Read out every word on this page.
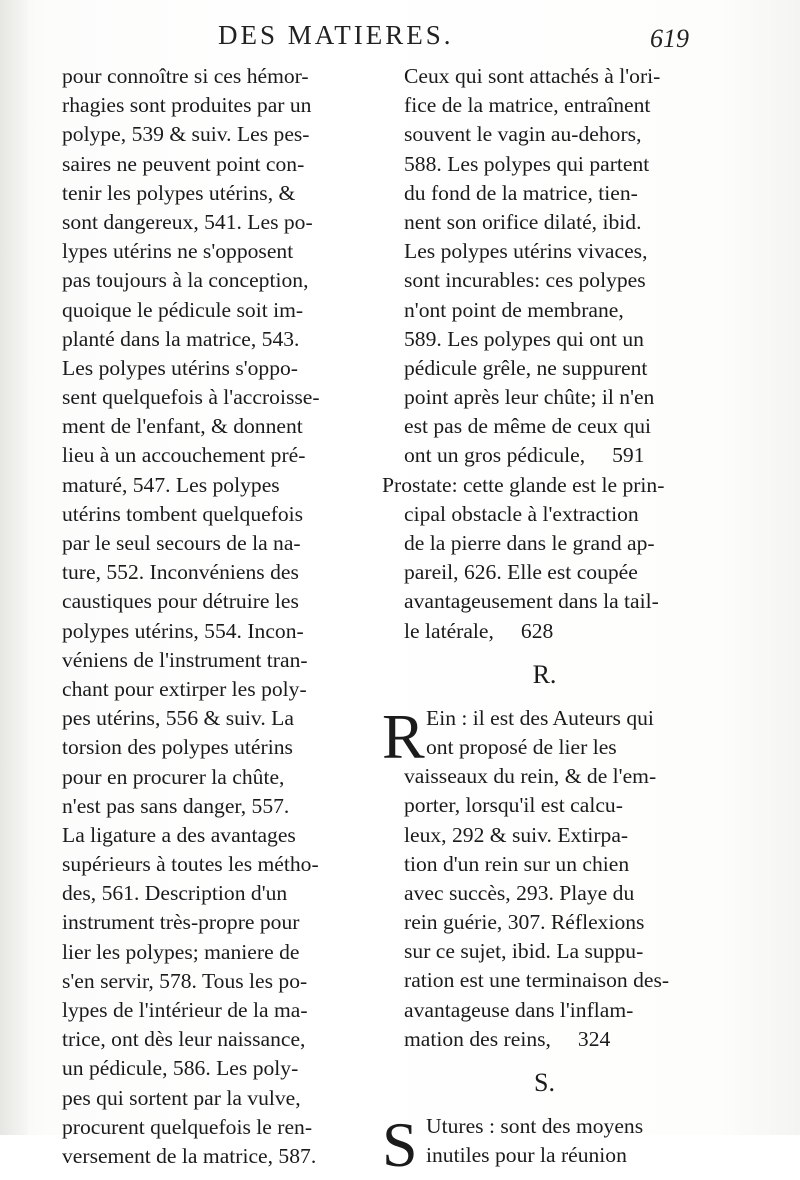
DES MATIERES.	619
pour connoître si ces hémor-
rhagies sont produites par un
polype, 539 & suiv. Les pes-
saires ne peuvent point con-
tenir les polypes utérins, &
sont dangereux, 541. Les po-
lypes utérins ne s'opposent
pas toujours à la conception,
quoique le pédicule soit im-
planté dans la matrice, 543.
Les polypes utérins s'oppo-
sent quelquefois à l'accroisse-
ment de l'enfant, & donnent
lieu à un accouchement pré-
maturé, 547. Les polypes
utérins tombent quelquefois
par le seul secours de la na-
ture, 552. Inconvéniens des
caustiques pour détruire les
polypes utérins, 554. Incon-
véniens de l'instrument tran-
chant pour extirper les poly-
pes utérins, 556 & suiv. La
torsion des polypes utérins
pour en procurer la chûte,
n'est pas sans danger, 557.
La ligature a des avantages
supérieurs à toutes les métho-
des, 561. Description d'un
instrument très-propre pour
lier les polypes; maniere de
s'en servir, 578. Tous les po-
lypes de l'intérieur de la ma-
trice, ont dès leur naissance,
un pédicule, 586. Les poly-
pes qui sortent par la vulve,
procurent quelquefois le ren-
versement de la matrice, 587.
Ceux qui sont attachés à l'ori-
fice de la matrice, entraînent
souvent le vagin au-dehors,
588. Les polypes qui partent
du fond de la matrice, tien-
nent son orifice dilaté, ibid.
Les polypes utérins vivaces,
sont incurables: ces polypes
n'ont point de membrane,
589. Les polypes qui ont un
pédicule grêle, ne suppurent
point après leur chûte; il n'en
est pas de même de ceux qui
ont un gros pédicule,     591
Prostate: cette glande est le prin-
cipal obstacle à l'extraction
de la pierre dans le grand ap-
pareil, 626. Elle est coupée
avantageusement dans la tail-
le latérale,     628
R.
R Ein : il est des Auteurs qui
ont proposé de lier les
vaisseaux du rein, & de l'em-
porter, lorsqu'il est calcu-
leux, 292 & suiv. Extirpa-
tion d'un rein sur un chien
avec succès, 293. Playe du
rein guérie, 307. Réflexions
sur ce sujet, ibid. La suppu-
ration est une terminaison des-
avantageuse dans l'inflam-
mation des reins,     324
S.
S Utures : sont des moyens
inutiles pour la réunion
